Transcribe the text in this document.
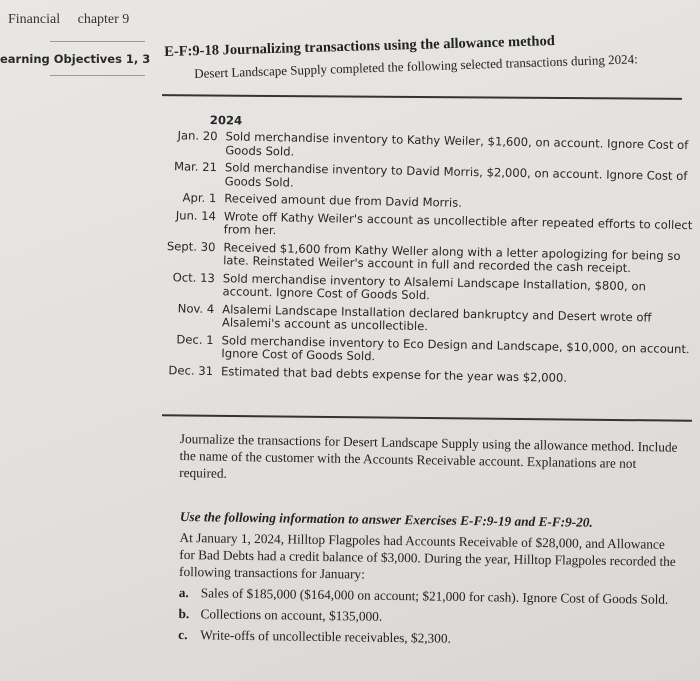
Financial chapter 9
earning Objectives 1, 3 E-F:9-18 Journalizing transactions using the allowance method
Desert Landscape Supply completed the following selected transactions during 2024:
2024
Jan. 20 Sold merchandise inventory to Kathy Weiler, $1,600, on account. Ignore Cost of Goods Sold.
Mar. 21 Sold merchandise inventory to David Morris, $2,000, on account. Ignore Cost of Goods Sold.
Apr. 1 Received amount due from David Morris.
Jun. 14 Wrote off Kathy Weiler's account as uncollectible after repeated efforts to collect from her.
Sept. 30 Received $1,600 from Kathy Weller along with a letter apologizing for being so late. Reinstated Weiler's account in full and recorded the cash receipt.
Oct. 13 Sold merchandise inventory to Alsalemi Landscape Installation, $800, on account. Ignore Cost of Goods Sold.
Nov. 4 Alsalemi Landscape Installation declared bankruptcy and Desert wrote off Alsalemi's account as uncollectible.
Dec. 1 Sold merchandise inventory to Eco Design and Landscape, $10,000, on account. Ignore Cost of Goods Sold.
Dec. 31 Estimated that bad debts expense for the year was $2,000.
Journalize the transactions for Desert Landscape Supply using the allowance method. Include the name of the customer with the Accounts Receivable account. Explanations are not required.
Use the following information to answer Exercises E-F:9-19 and E-F:9-20.
At January 1, 2024, Hilltop Flagpoles had Accounts Receivable of $28,000, and Allowance for Bad Debts had a credit balance of $3,000. During the year, Hilltop Flagpoles recorded the following transactions for January:
a. Sales of $185,000 ($164,000 on account; $21,000 for cash). Ignore Cost of Goods Sold.
b. Collections on account, $135,000.
c. Write-offs of uncollectible receivables, $2,300.
